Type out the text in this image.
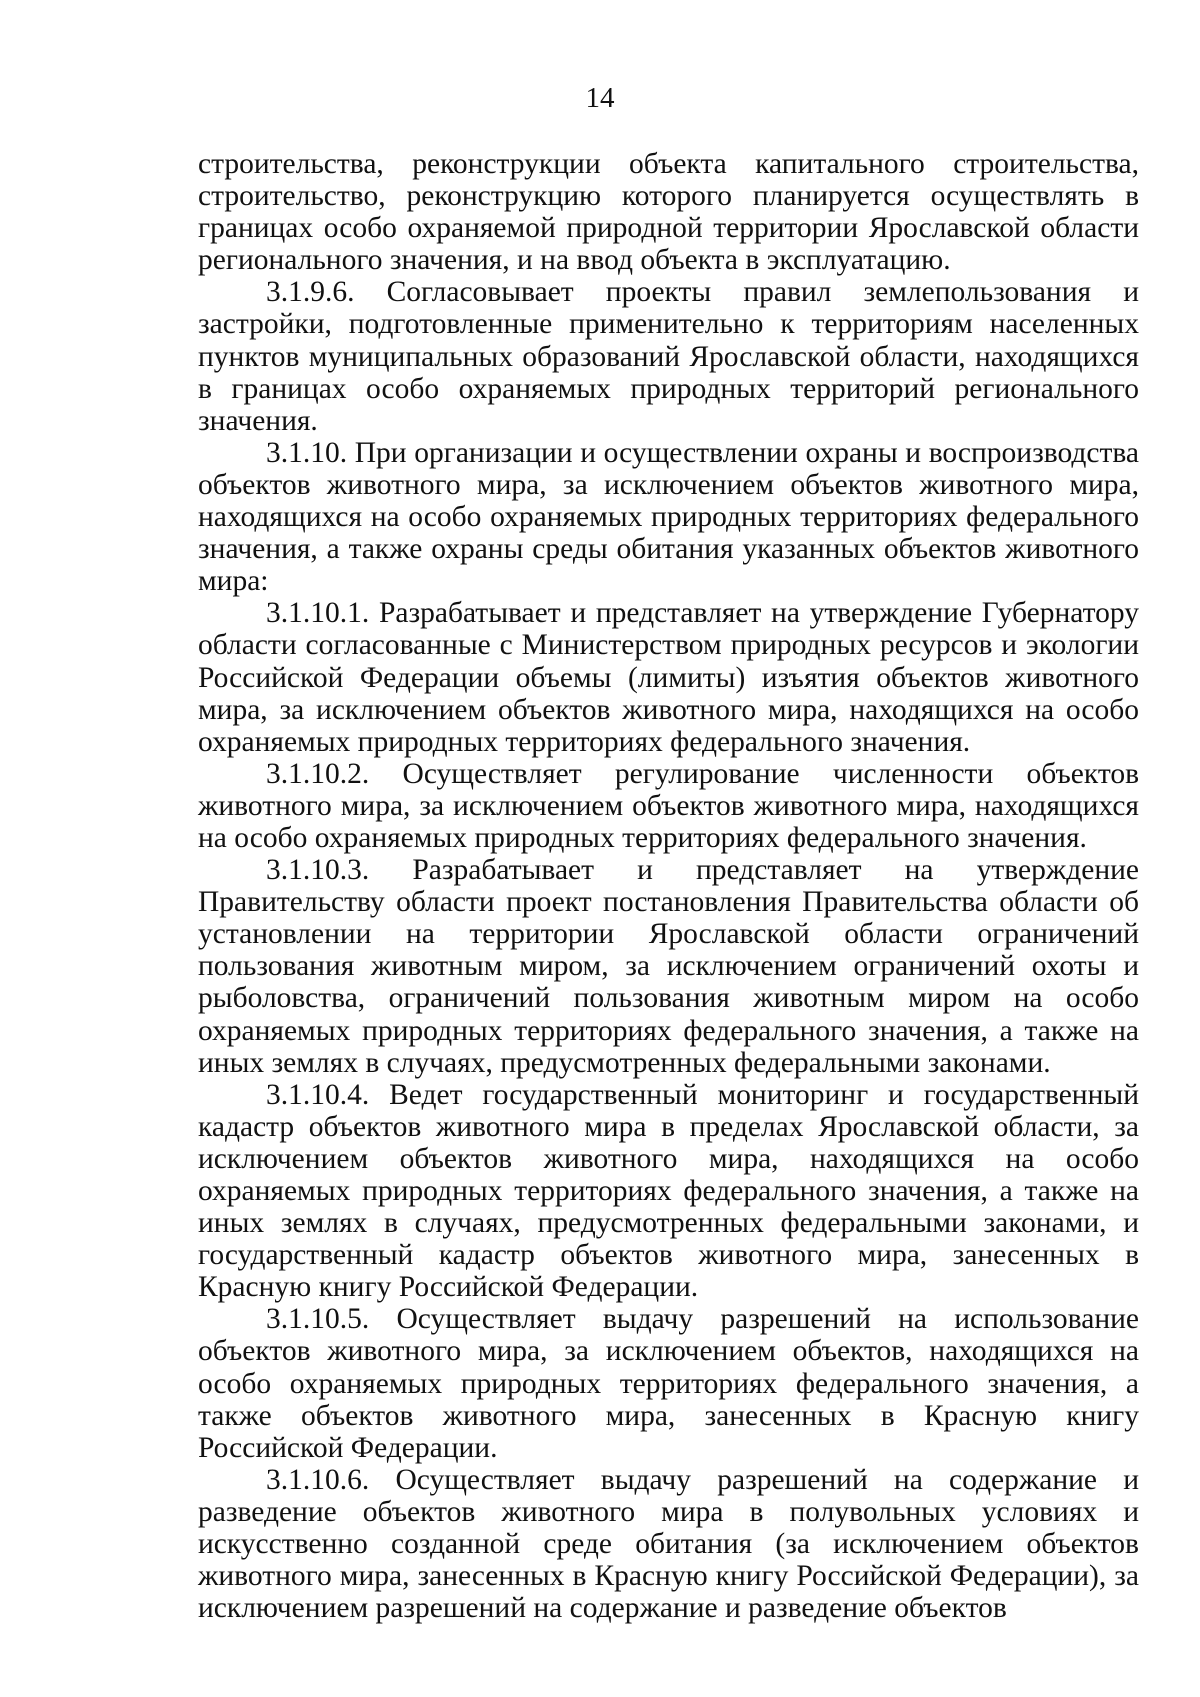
14

строительства, реконструкции объекта капитального строительства, строительство, реконструкцию которого планируется осуществлять в границах особо охраняемой природной территории Ярославской области регионального значения, и на ввод объекта в эксплуатацию.

3.1.9.6. Согласовывает проекты правил землепользования и застройки, подготовленные применительно к территориям населенных пунктов муниципальных образований Ярославской области, находящихся в границах особо охраняемых природных территорий регионального значения.

3.1.10. При организации и осуществлении охраны и воспроизводства объектов животного мира, за исключением объектов животного мира, находящихся на особо охраняемых природных территориях федерального значения, а также охраны среды обитания указанных объектов животного мира:

3.1.10.1. Разрабатывает и представляет на утверждение Губернатору области согласованные с Министерством природных ресурсов и экологии Российской Федерации объемы (лимиты) изъятия объектов животного мира, за исключением объектов животного мира, находящихся на особо охраняемых природных территориях федерального значения.

3.1.10.2. Осуществляет регулирование численности объектов животного мира, за исключением объектов животного мира, находящихся на особо охраняемых природных территориях федерального значения.

3.1.10.3. Разрабатывает и представляет на утверждение Правительству области проект постановления Правительства области об установлении на территории Ярославской области ограничений пользования животным миром, за исключением ограничений охоты и рыболовства, ограничений пользования животным миром на особо охраняемых природных территориях федерального значения, а также на иных землях в случаях, предусмотренных федеральными законами.

3.1.10.4. Ведет государственный мониторинг и государственный кадастр объектов животного мира в пределах Ярославской области, за исключением объектов животного мира, находящихся на особо охраняемых природных территориях федерального значения, а также на иных землях в случаях, предусмотренных федеральными законами, и государственный кадастр объектов животного мира, занесенных в Красную книгу Российской Федерации.

3.1.10.5. Осуществляет выдачу разрешений на использование объектов животного мира, за исключением объектов, находящихся на особо охраняемых природных территориях федерального значения, а также объектов животного мира, занесенных в Красную книгу Российской Федерации.

3.1.10.6. Осуществляет выдачу разрешений на содержание и разведение объектов животного мира в полувольных условиях и искусственно созданной среде обитания (за исключением объектов животного мира, занесенных в Красную книгу Российской Федерации), за исключением разрешений на содержание и разведение объектов
